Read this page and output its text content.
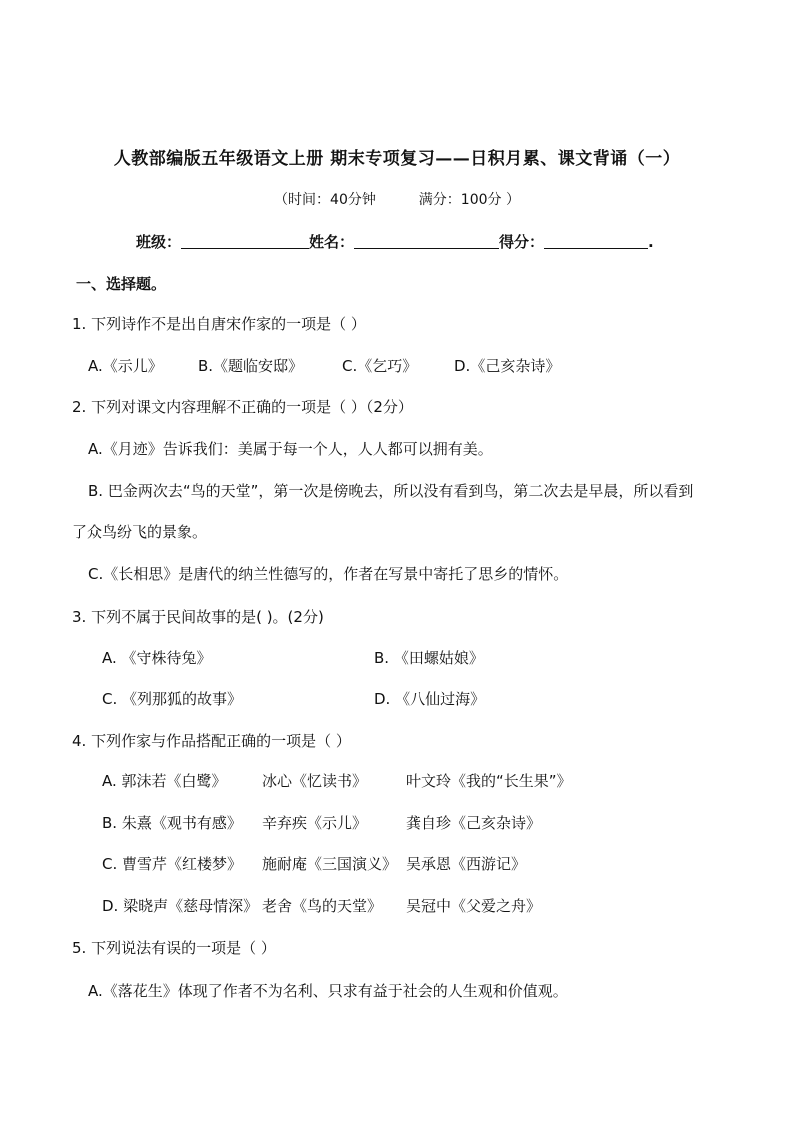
人教部编版五年级语文上册 期末专项复习——日积月累、课文背诵（一）
（时间：40分钟	满分：100分 ）
班级：	姓名：	得分：	.
一、选择题。
1. 下列诗作不是出自唐宋作家的一项是（ ）
A.《示儿》 B.《题临安邸》	C.《乞巧》 D.《己亥杂诗》
2. 下列对课文内容理解不正确的一项是（ ）（2分）
A.《月迹》告诉我们：美属于每一个人，人人都可以拥有美。
B. 巴金两次去“鸟的天堂”，第一次是傍晚去，所以没有看到鸟，第二次去是早晨，所以看到
了众鸟纷飞的景象。
C.《长相思》是唐代的纳兰性德写的，作者在写景中寄托了思乡的情怀。
3. 下列不属于民间故事的是( )。(2分)
A. 《守株待兔》	B. 《田螺姑娘》
C. 《列那狐的故事》	D. 《八仙过海》
4. 下列作家与作品搭配正确的一项是（ ）
A. 郭沫若《白鹭》 冰心《忆读书》	叶文玲《我的“长生果”》
B. 朱熹《观书有感》 辛弃疾《示儿》	龚自珍《己亥杂诗》
C. 曹雪芹《红楼梦》 施耐庵《三国演义》 吴承恩《西游记》
D. 梁晓声《慈母情深》 老舍《鸟的天堂》 吴冠中《父爱之舟》
5. 下列说法有误的一项是（ ）
A.《落花生》体现了作者不为名利、只求有益于社会的人生观和价值观。
